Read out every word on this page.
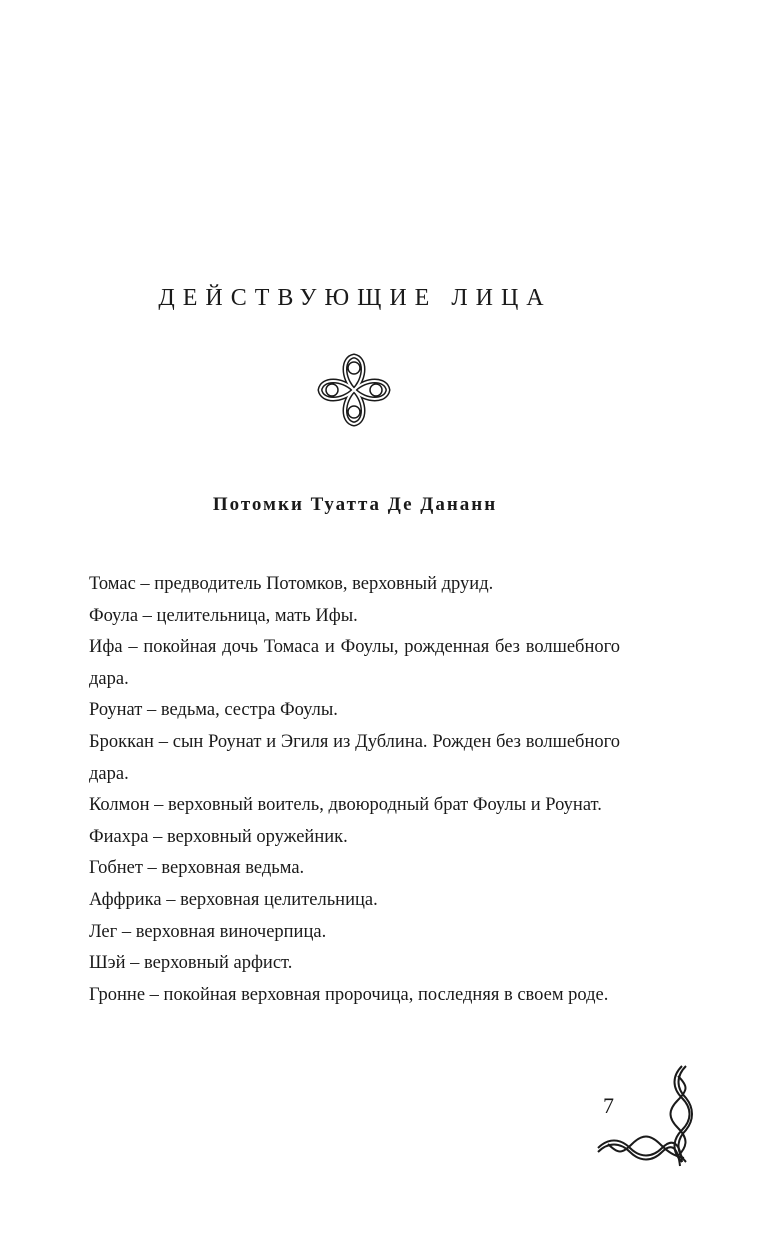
ДЕЙСТВУЮЩИЕ ЛИЦА
Потомки Туатта Де Дананн
Томас – предводитель Потомков, верховный друид.
Фоула – целительница, мать Ифы.
Ифа – покойная дочь Томаса и Фоулы, рожденная без волшебного дара.
Роунат – ведьма, сестра Фоулы.
Броккан – сын Роунат и Эгиля из Дублина. Рожден без волшебного дара.
Колмон – верховный воитель, двоюродный брат Фоулы и Роунат.
Фиахра – верховный оружейник.
Гобнет – верховная ведьма.
Аффрика – верховная целительница.
Лег – верховная виночерпица.
Шэй – верховный арфист.
Гронне – покойная верховная пророчица, последняя в своем роде.
7
